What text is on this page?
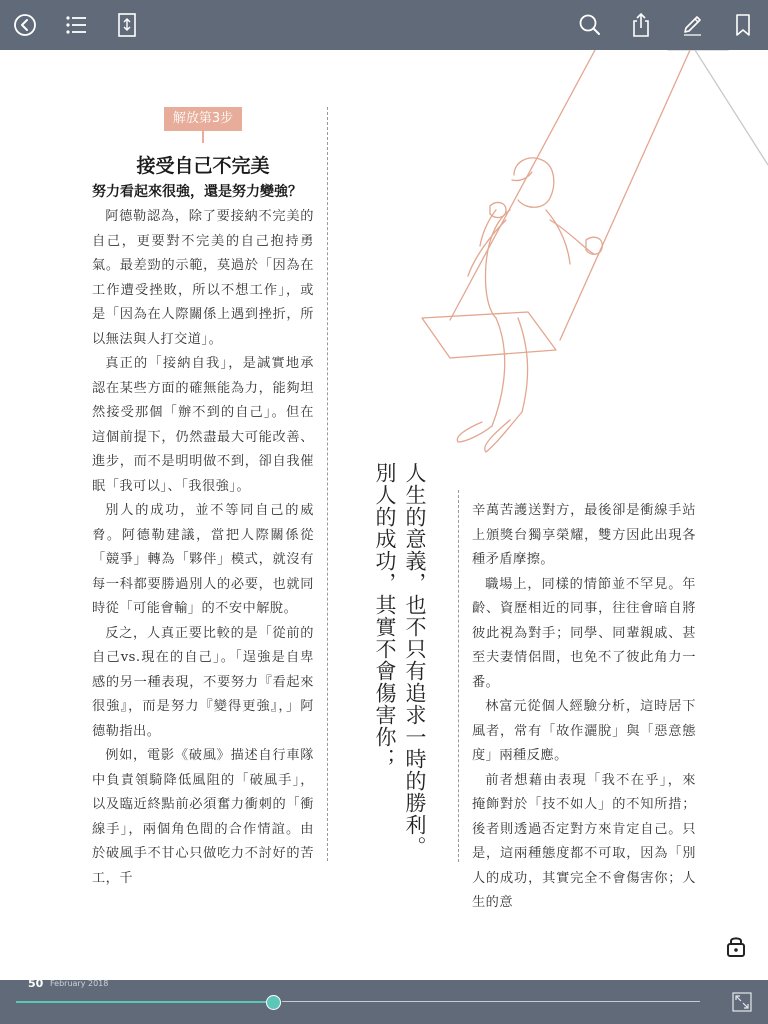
解放第3步
接受自己不完美
努力看起來很強，還是努力變強？

阿德勒認為，除了要接納不完美的自己，更要對不完美的自己抱持勇氣。最差勁的示範，莫過於「因為在工作遭受挫敗，所以不想工作」，或是「因為在人際關係上遇到挫折，所以無法與人打交道」。

真正的「接納自我」，是誠實地承認在某些方面的確無能為力，能夠坦然接受那個「辦不到的自己」。但在這個前提下，仍然盡最大可能改善、進步，而不是明明做不到，卻自我催眠「我可以」、「我很強」。

別人的成功，並不等同自己的威脅。阿德勒建議，當把人際關係從「競爭」轉為「夥伴」模式，就沒有每一科都要勝過別人的必要，也就同時從「可能會輸」的不安中解脫。

反之，人真正要比較的是「從前的自己vs.現在的自己」。「逞強是自卑感的另一種表現，不要努力『看起來很強』，而是努力『變得更強』，」阿德勒指出。

例如，電影《破風》描述自行車隊中負責領騎降低風阻的「破風手」，以及臨近終點前必須奮力衝刺的「衝線手」，兩個角色間的合作情誼。由於破風手不甘心只做吃力不討好的苦工，千

人生的意義，也不只有追求一時的勝利。
別人的成功，其實不會傷害你；	辛萬苦護送對方，最後卻是衝線手站上頒獎台獨享榮耀，雙方因此出現各種矛盾摩擦。

職場上，同樣的情節並不罕見。年齡、資歷相近的同事，往往會暗自將彼此視為對手；同學、同輩親戚、甚至夫妻情侶間，也免不了彼此角力一番。

林富元從個人經驗分析，這時居下風者，常有「故作灑脫」與「惡意態度」兩種反應。

前者想藉由表現「我不在乎」，來掩飾對於「技不如人」的不知所措；後者則透過否定對方來肯定自己。只是，這兩種態度都不可取，因為「別人的成功，其實完全不會傷害你；人生的意

50 February 2018
